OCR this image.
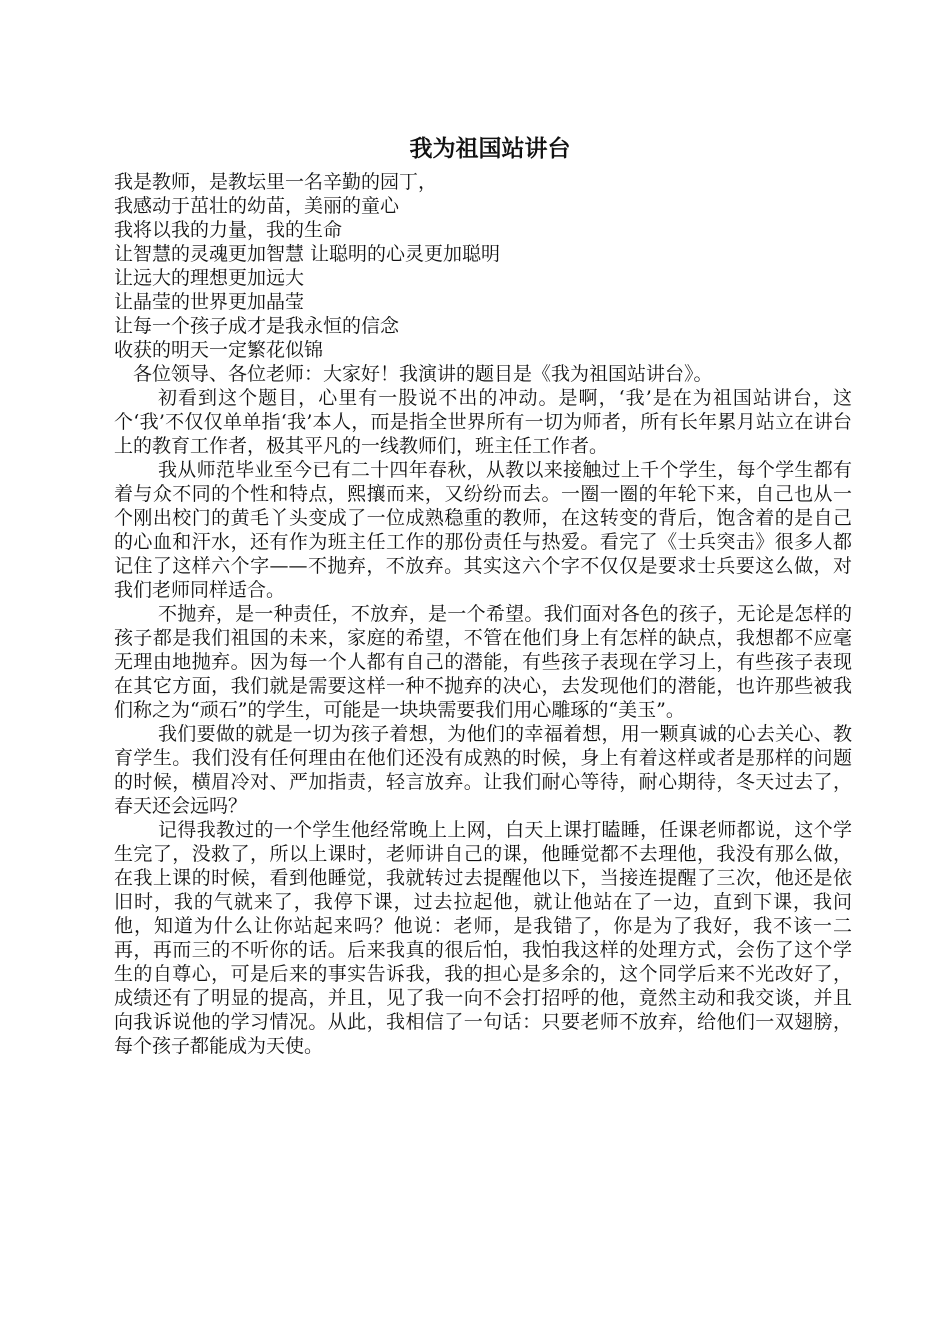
我为祖国站讲台

我是教师，是教坛里一名辛勤的园丁，

我感动于茁壮的幼苗，美丽的童心

我将以我的力量，我的生命

让智慧的灵魂更加智慧 让聪明的心灵更加聪明

让远大的理想更加远大

让晶莹的世界更加晶莹

让每一个孩子成才是我永恒的信念

收获的明天一定繁花似锦

各位领导、各位老师：大家好！我演讲的题目是《我为祖国站讲台》。

初看到这个题目，心里有一股说不出的冲动。是啊，‘我’是在为祖国站讲台，这个‘我’不仅仅单单指‘我’本人，而是指全世界所有一切为师者，所有长年累月站立在讲台上的教育工作者，极其平凡的一线教师们，班主任工作者。

我从师范毕业至今已有二十四年春秋，从教以来接触过上千个学生，每个学生都有着与众不同的个性和特点，熙攘而来，又纷纷而去。一圈一圈的年轮下来，自己也从一个刚出校门的黄毛丫头变成了一位成熟稳重的教师，在这转变的背后，饱含着的是自己的心血和汗水，还有作为班主任工作的那份责任与热爱。看完了《士兵突击》很多人都记住了这样六个字——不抛弃，不放弃。其实这六个字不仅仅是要求士兵要这么做，对我们老师同样适合。

不抛弃，是一种责任，不放弃，是一个希望。我们面对各色的孩子，无论是怎样的孩子都是我们祖国的未来，家庭的希望，不管在他们身上有怎样的缺点，我想都不应毫无理由地抛弃。因为每一个人都有自己的潜能，有些孩子表现在学习上，有些孩子表现在其它方面，我们就是需要这样一种不抛弃的决心，去发现他们的潜能，也许那些被我们称之为“顽石”的学生，可能是一块块需要我们用心雕琢的“美玉”。

我们要做的就是一切为孩子着想，为他们的幸福着想，用一颗真诚的心去关心、教育学生。我们没有任何理由在他们还没有成熟的时候，身上有着这样或者是那样的问题的时候，横眉冷对、严加指责，轻言放弃。让我们耐心等待，耐心期待，冬天过去了，春天还会远吗？

记得我教过的一个学生他经常晚上上网，白天上课打瞌睡，任课老师都说，这个学生完了，没救了，所以上课时，老师讲自己的课，他睡觉都不去理他，我没有那么做，在我上课的时候，看到他睡觉，我就转过去提醒他以下，当接连提醒了三次，他还是依旧时，我的气就来了，我停下课，过去拉起他，就让他站在了一边，直到下课，我问他，知道为什么让你站起来吗？他说：老师，是我错了，你是为了我好，我不该一二再，再而三的不听你的话。后来我真的很后怕，我怕我这样的处理方式，会伤了这个学生的自尊心，可是后来的事实告诉我，我的担心是多余的，这个同学后来不光改好了，成绩还有了明显的提高，并且，见了我一向不会打招呼的他，竟然主动和我交谈，并且向我诉说他的学习情况。从此，我相信了一句话：只要老师不放弃，给他们一双翅膀，每个孩子都能成为天使。
